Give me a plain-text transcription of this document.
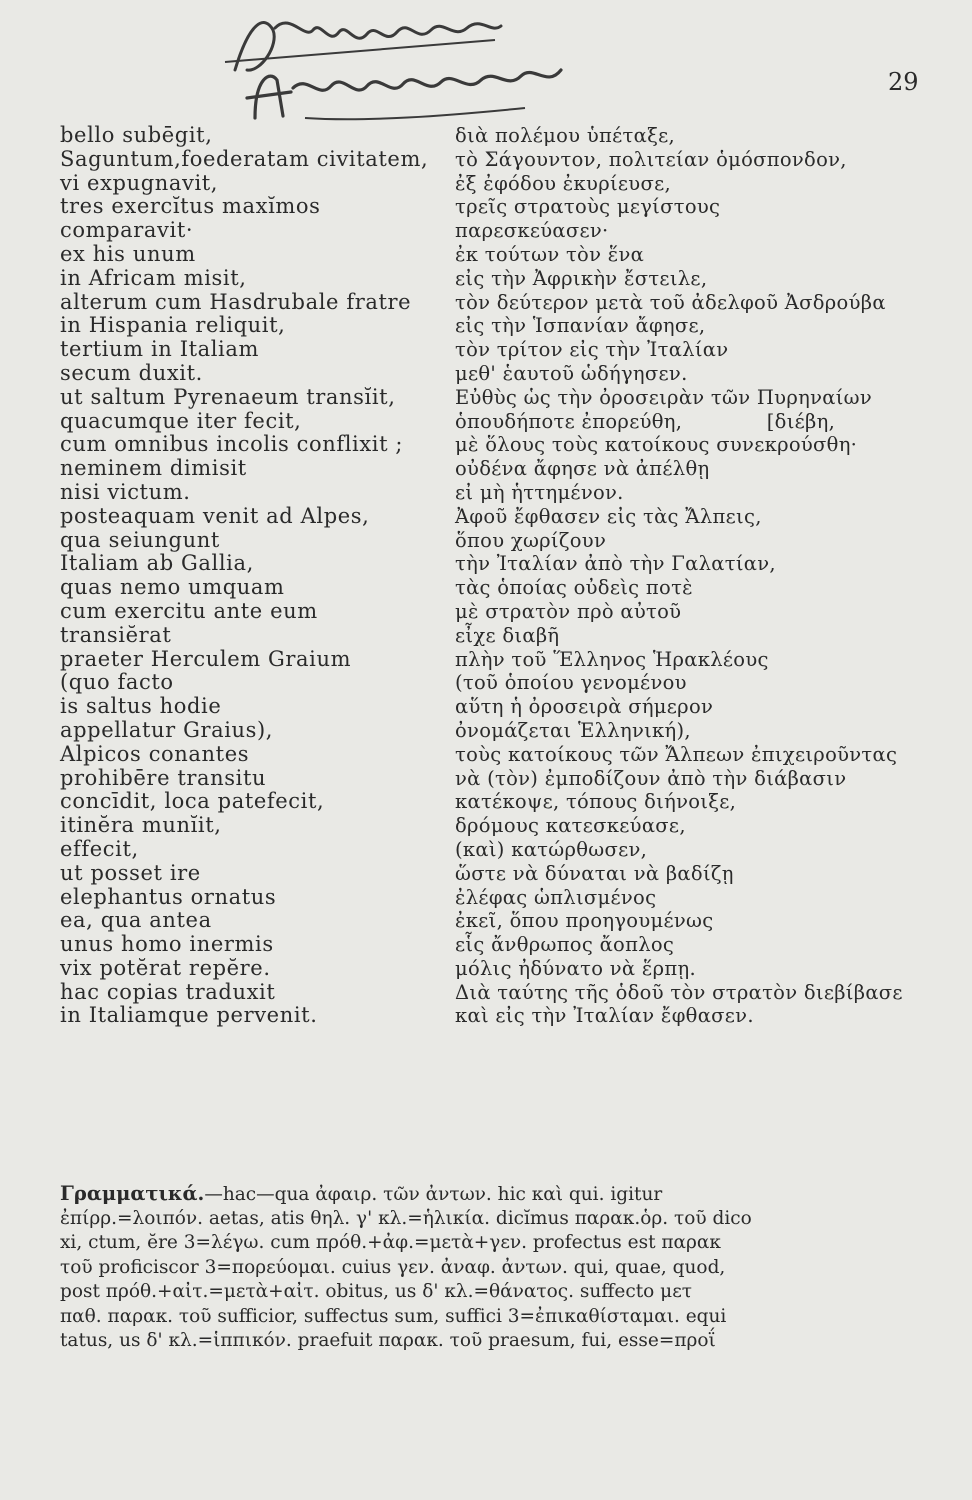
29
bello subēgit,
Saguntum,foederatam civitatem,
vi expugnavit,
tres exercĭtus maxĭmos
comparavit·
ex his unum
in Africam misit,
alterum cum Hasdrubale fratre
in Hispania reliquit,
tertium in Italiam
secum duxit.
ut saltum Pyrenaeum transĭit,
quacumque iter fecit,
cum omnibus incolis conflixit ;
neminem dimisit
nisi victum.
posteaquam venit ad Alpes,
qua seiungunt
Italiam ab Gallia,
quas nemo umquam
cum exercitu ante eum
transiĕrat
praeter Herculem Graium
(quo facto
is saltus hodie
appellatur Graius),
Alpicos conantes
prohibēre transitu
concīdit, loca patefecit,
itinĕra munĭit,
effecit,
ut posset ire
elephantus ornatus
ea, qua antea
unus homo inermis
vix potĕrat repĕre.
hac copias traduxit
in Italiamque pervenit.
διὰ πολέμου ὑπέταξε,
τὸ Σάγουντον, πολιτείαν ὁμόσπονδον,
ἐξ ἐφόδου ἐκυρίευσε,
τρεῖς στρατοὺς μεγίστους
παρεσκεύασεν·
ἐκ τούτων τὸν ἕνα
εἰς τὴν Ἀφρικὴν ἔστειλε,
τὸν δεύτερον μετὰ τοῦ ἀδελφοῦ Ἀσδρούβα
εἰς τὴν Ἱσπανίαν ἄφησε,
τὸν τρίτον εἰς τὴν Ἰταλίαν
μεθ' ἑαυτοῦ ὡδήγησεν.
Εὐθὺς ὡς τὴν ὀροσειρὰν τῶν Πυρηναίων
ὁπουδήποτε ἐπορεύθη,             [διέβη,
μὲ ὅλους τοὺς κατοίκους συνεκρούσθη·
οὐδένα ἄφησε νὰ ἀπέλθῃ
εἰ μὴ ἡττημένον.
Ἀφοῦ ἔφθασεν εἰς τὰς Ἄλπεις,
ὅπου χωρίζουν
τὴν Ἰταλίαν ἀπὸ τὴν Γαλατίαν,
τὰς ὁποίας οὐδεὶς ποτὲ
μὲ στρατὸν πρὸ αὐτοῦ
εἶχε διαβῆ
πλὴν τοῦ Ἕλληνος Ἡρακλέους
(τοῦ ὁποίου γενομένου
αὕτη ἡ ὀροσειρὰ σήμερον
ὀνομάζεται Ἑλληνική),
τοὺς κατοίκους τῶν Ἄλπεων ἐπιχειροῦντας
νὰ (τὸν) ἐμποδίζουν ἀπὸ τὴν διάβασιν
κατέκοψε, τόπους διήνοιξε,
δρόμους κατεσκεύασε,
(καὶ) κατώρθωσεν,
ὥστε νὰ δύναται νὰ βαδίζῃ
ἐλέφας ὡπλισμένος
ἐκεῖ, ὅπου προηγουμένως
εἷς ἄνθρωπος ἄοπλος
μόλις ἠδύνατο νὰ ἕρπῃ.
Διὰ ταύτης τῆς ὁδοῦ τὸν στρατὸν διεβίβασε
καὶ εἰς τὴν Ἰταλίαν ἔφθασεν.
Γραμματικά.—hac—qua ἀφαιρ. τῶν ἀντων. hic καὶ qui. igitur
ἐπίρρ.=λοιπόν. aetas, atis θηλ. γ' κλ.=ἡλικία. dicĭmus παρακ.ὁρ. τοῦ dico
xi, ctum, ĕre 3=λέγω. cum πρόθ.+ἀφ.=μετὰ+γεν. profectus est παρακ
τοῦ proficiscor 3=πορεύομαι. cuius γεν. ἀναφ. ἀντων. qui, quae, quod,
post πρόθ.+αἰτ.=μετὰ+αἰτ. obitus, us δ' κλ.=θάνατος. suffecto μετ
παθ. παρακ. τοῦ sufficior, suffectus sum, suffici 3=ἐπικαθίσταμαι. equi
tatus, us δ' κλ.=ἱππικόν. praefuit παρακ. τοῦ praesum, fui, esse=προΐ
